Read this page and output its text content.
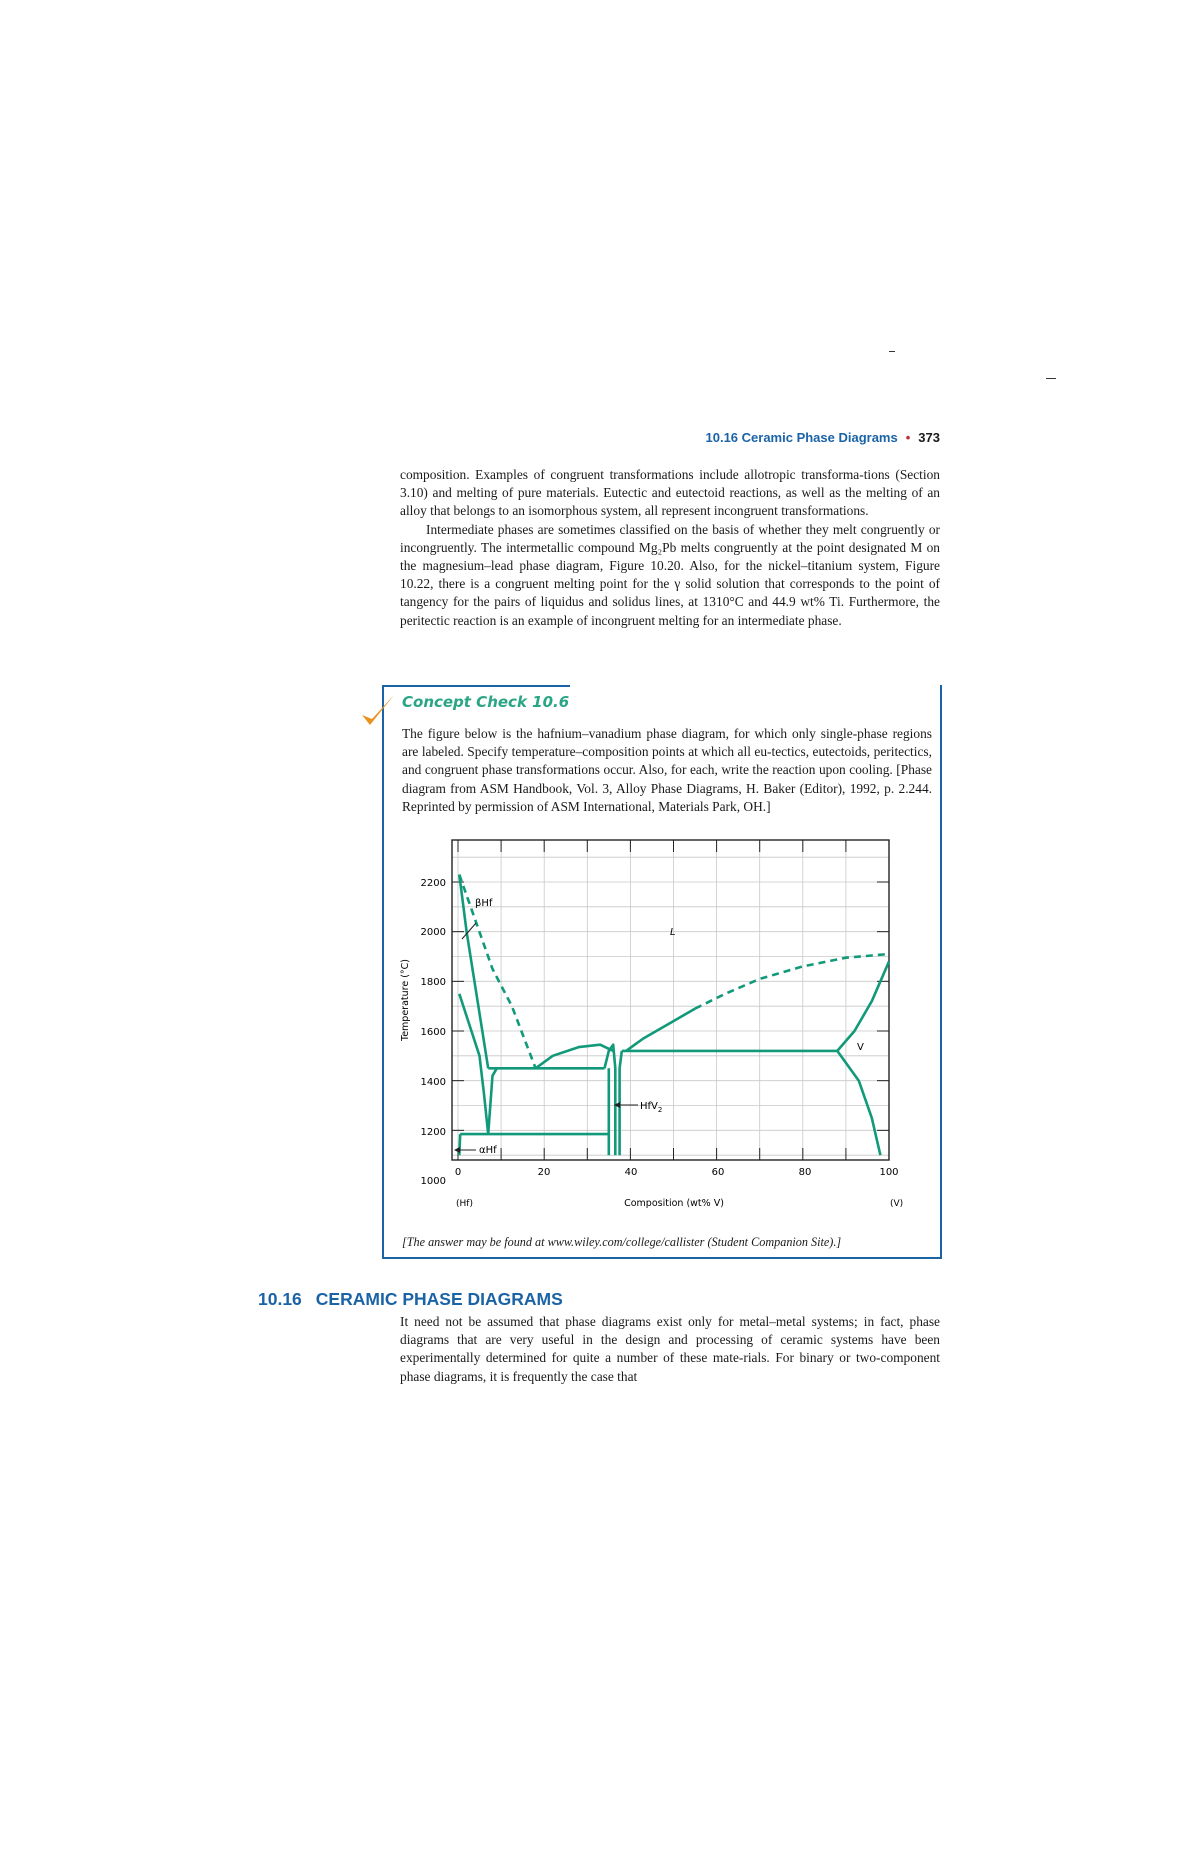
10.16 Ceramic Phase Diagrams • 373

composition. Examples of congruent transformations include allotropic transforma-tions (Section 3.10) and melting of pure materials. Eutectic and eutectoid reactions, as well as the melting of an alloy that belongs to an isomorphous system, all represent incongruent transformations.

Intermediate phases are sometimes classified on the basis of whether they melt congruently or incongruently. The intermetallic compound Mg₂Pb melts congruently at the point designated M on the magnesium–lead phase diagram, Figure 10.20. Also, for the nickel–titanium system, Figure 10.22, there is a congruent melting point for the γ solid solution that corresponds to the point of tangency for the pairs of liquidus and solidus lines, at 1310°C and 44.9 wt% Ti. Furthermore, the peritectic reaction is an example of incongruent melting for an intermediate phase.

Concept Check 10.6

The figure below is the hafnium–vanadium phase diagram, for which only single-phase regions are labeled. Specify temperature–composition points at which all eu-tectics, eutectoids, peritectics, and congruent phase transformations occur. Also, for each, write the reaction upon cooling. [Phase diagram from ASM Handbook, Vol. 3, Alloy Phase Diagrams, H. Baker (Editor), 1992, p. 2.244. Reprinted by permission of ASM International, Materials Park, OH.]

1000
1200
1400
1600
1800
2000
2200
0	20	40	60	80	100
(Hf)	(V)
Composition (wt% V)
Temperature (°C)
βHf
L
V
αHf
HfV$_2$

[The answer may be found at www.wiley.com/college/callister (Student Companion Site).]

10.16 CERAMIC PHASE DIAGRAMS

It need not be assumed that phase diagrams exist only for metal–metal systems; in fact, phase diagrams that are very useful in the design and processing of ceramic systems have been experimentally determined for quite a number of these mate-rials. For binary or two-component phase diagrams, it is frequently the case that
